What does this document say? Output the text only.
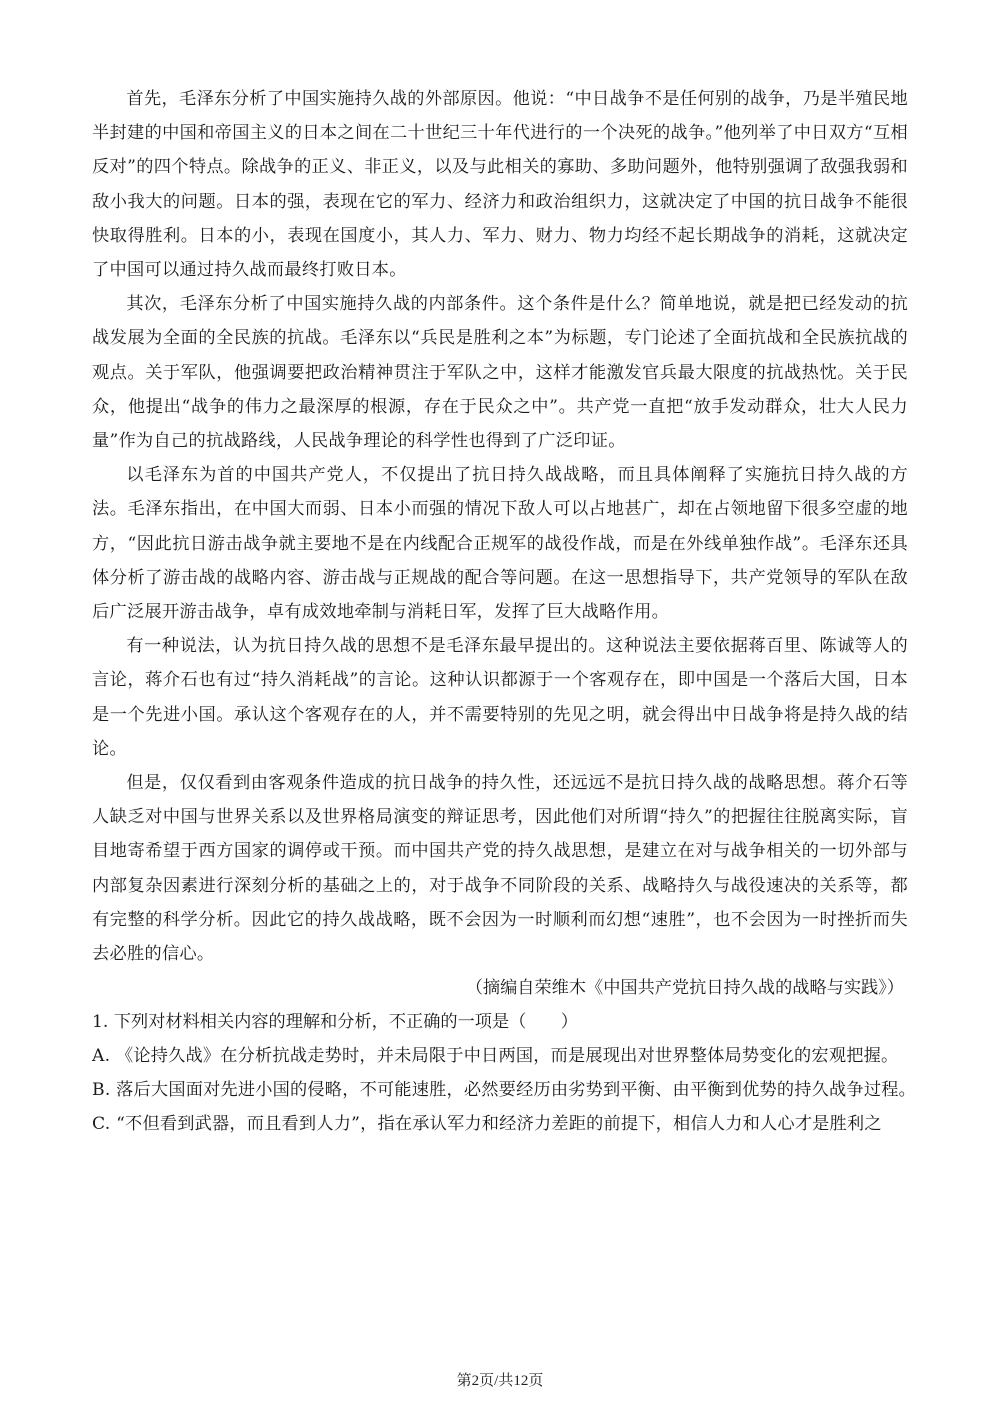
首先，毛泽东分析了中国实施持久战的外部原因。他说：“中日战争不是任何别的战争，乃是半殖民地半封建的中国和帝国主义的日本之间在二十世纪三十年代进行的一个决死的战争。”他列举了中日双方“互相反对”的四个特点。除战争的正义、非正义，以及与此相关的寡助、多助问题外，他特别强调了敌强我弱和敌小我大的问题。日本的强，表现在它的军力、经济力和政治组织力，这就决定了中国的抗日战争不能很快取得胜利。日本的小，表现在国度小，其人力、军力、财力、物力均经不起长期战争的消耗，这就决定了中国可以通过持久战而最终打败日本。

其次，毛泽东分析了中国实施持久战的内部条件。这个条件是什么？简单地说，就是把已经发动的抗战发展为全面的全民族的抗战。毛泽东以“兵民是胜利之本”为标题，专门论述了全面抗战和全民族抗战的观点。关于军队，他强调要把政治精神贯注于军队之中，这样才能激发官兵最大限度的抗战热忱。关于民众，他提出“战争的伟力之最深厚的根源，存在于民众之中”。共产党一直把“放手发动群众，壮大人民力量”作为自己的抗战路线，人民战争理论的科学性也得到了广泛印证。

以毛泽东为首的中国共产党人，不仅提出了抗日持久战战略，而且具体阐释了实施抗日持久战的方法。毛泽东指出，在中国大而弱、日本小而强的情况下敌人可以占地甚广，却在占领地留下很多空虚的地方，“因此抗日游击战争就主要地不是在内线配合正规军的战役作战，而是在外线单独作战”。毛泽东还具体分析了游击战的战略内容、游击战与正规战的配合等问题。在这一思想指导下，共产党领导的军队在敌后广泛展开游击战争，卓有成效地牵制与消耗日军，发挥了巨大战略作用。

有一种说法，认为抗日持久战的思想不是毛泽东最早提出的。这种说法主要依据蒋百里、陈诚等人的言论，蒋介石也有过“持久消耗战”的言论。这种认识都源于一个客观存在，即中国是一个落后大国，日本是一个先进小国。承认这个客观存在的人，并不需要特别的先见之明，就会得出中日战争将是持久战的结论。

但是，仅仅看到由客观条件造成的抗日战争的持久性，还远远不是抗日持久战的战略思想。蒋介石等人缺乏对中国与世界关系以及世界格局演变的辩证思考，因此他们对所谓“持久”的把握往往脱离实际，盲目地寄希望于西方国家的调停或干预。而中国共产党的持久战思想，是建立在对与战争相关的一切外部与内部复杂因素进行深刻分析的基础之上的，对于战争不同阶段的关系、战略持久与战役速决的关系等，都有完整的科学分析。因此它的持久战战略，既不会因为一时顺利而幻想“速胜”，也不会因为一时挫折而失去必胜的信心。

（摘编自荣维木《中国共产党抗日持久战的战略与实践》）

1. 下列对材料相关内容的理解和分析，不正确的一项是（　　）

A. 《论持久战》在分析抗战走势时，并未局限于中日两国，而是展现出对世界整体局势变化的宏观把握。

B. 落后大国面对先进小国的侵略，不可能速胜，必然要经历由劣势到平衡、由平衡到优势的持久战争过程。

C. “不但看到武器，而且看到人力”，指在承认军力和经济力差距的前提下，相信人力和人心才是胜利之

第2页/共12页
